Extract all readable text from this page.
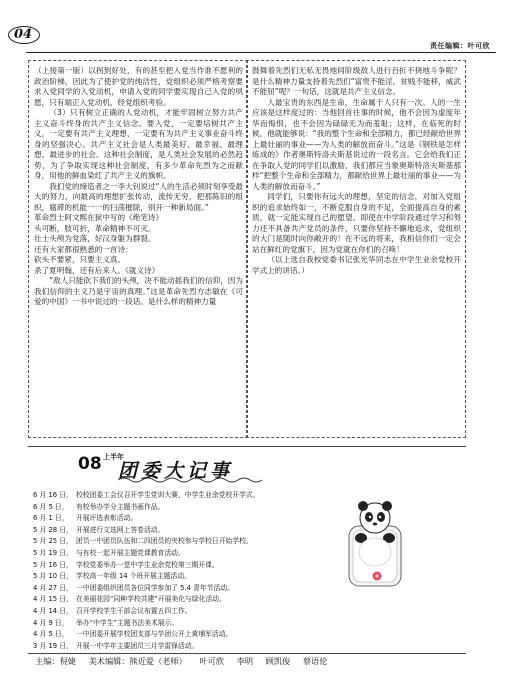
04
责任编辑：叶可欣

（上接第一版）以拐到好处，有的甚至把入党当作谁不愿利的政治阶梯，因此为了使护党的纯洁性，党组织必须严格考察要求入党同学的入党动机，申请入党的同学要实现自己入党的夙愿，只有端正入党动机，经党组织考验。

（3）只有树立正确的人党动机，才能牢固树立努力共产主义奋斗终身的共产主义信念。要入党，一定要培树共产主义，一定要有共产主义理想，一定要有为共产主义事业奋斗终身的坚强决心。共产主义社会是人类最美好、最幸福、最理想、最进步的社会。这种社会制度，是人类社会发展的必然趋势，为了争取实现这种社会制度，有多少革命先烈为之而献身，用他的鲜血染红了共产主义的旗帜。

我们党的缔造者之一李大钊说过“人的生活必须时刻享受最大的努力，向最高的理想扩张传动，流传无穷，把那陈旧的组织，腐滞的机能一一的扫荡摧除，别开一种新局面。”

革命烈士阿文熙在狱中写的《绝笔诗》

头可断，肢可折，革命精神不可灭。

壮士头颅为党落，好汉身躯为群裂。

还有大家都很熟悉的一首诗：

砍头不要紧，只要主义真。

杀了夏明翰，还有后来人。《就义诗》

“敌人只能砍下我们的头颅，决不能动摇我们的信仰，因为我们信仰的主义乃是宇宙的真理。”这是革命先烈方志敏在《可爱的中国》一书中说过的一段话。是什么样的精神力量

鼓舞着先烈们无私无畏地同阶级敌人进行百折不挠地斗争呢？是什么精神力量支持着先烈们“富贵不能淫，贫贱不能移，威武不能屈”呢？一句话，这就是共产主义信念。

人最宝贵的东西是生命，生命属于人只有一次。人的一生应该是这样度过的：当他回首往事的时候，他不会因为虚度年华而悔恨，也不会因为碌碌无为而羞耻；这样，在临死的时候，他就能够说：“我的整个生命和全部精力，都已经献给世界上最壮丽的事业——为人类的解放而奋斗。”这是《钢铁是怎样炼成的》作者奥斯特洛夫斯基说过的一段名言。它会给我们正在争取入党的同学们以激励，我们都应当象奥斯特洛夫斯基那样“把整个生命和全部精力，都献给世界上最壮丽的事业——为人类的解放而奋斗。”

同学们，只要你有远大的理想，坚定的信念，对加入党组织的追求始终如一，不断克服自身的不足，全面提高自身的素质，就一定能实现自己的愿望。即使在中学阶段通过学习和努力还不具备共产党员的条件，只要你坚持不懈地追求，党组织的大门是随时向你敞开的！在不远的将来，我相信你们一定会站在鲜红的党旗下，因为党就在你们的召唤！

（以上选自我校党委书记张光华同志在中学生业余党校开学式上的讲话。）

08 上半年
团委大记事
6 月 16 日， 校校团委工会仪召开学生党训大赛，中学生业余党校开学式。
6 月 5 日， 有校举办学分主题书画作品。
6 月 1 日， 开展评选表彰活动。
5 月 28 日， 开展进行文选网上答卷活动。
5 月 25 日， 团员一中团员队伍和二四团员的夹校参与学校日开始学校。
5 月 19 日， 与有校一起开展主题党课教育活动。
5 月 16 日， 学校党委举办一堂中学生业余党校第三期开课。
5 月 10 日， 学校高一年级 14 个班开展主题活动。
4 月 27 日， 一中团委组织团员各位同学参加了 5.4 青年节活动。
4 月 15 日， 在美丽花园“同种学校共建”开展美化与绿化活动。
4 月 14 日， 召开学校学生干部会议布置五四工作。
4 月 9 日， 举办“中学生”主题书法美术展示。
4 月 5 日， 一中团委开展学校团支部与学团公开上黄埔军活动。
3 月 19 日， 开展一中学年主要团员三月学雷锋活动。
主编：倪婕 美术编辑：熊近爱（老师） 叶可欣 李明 顾凯俊 蔡语伦
